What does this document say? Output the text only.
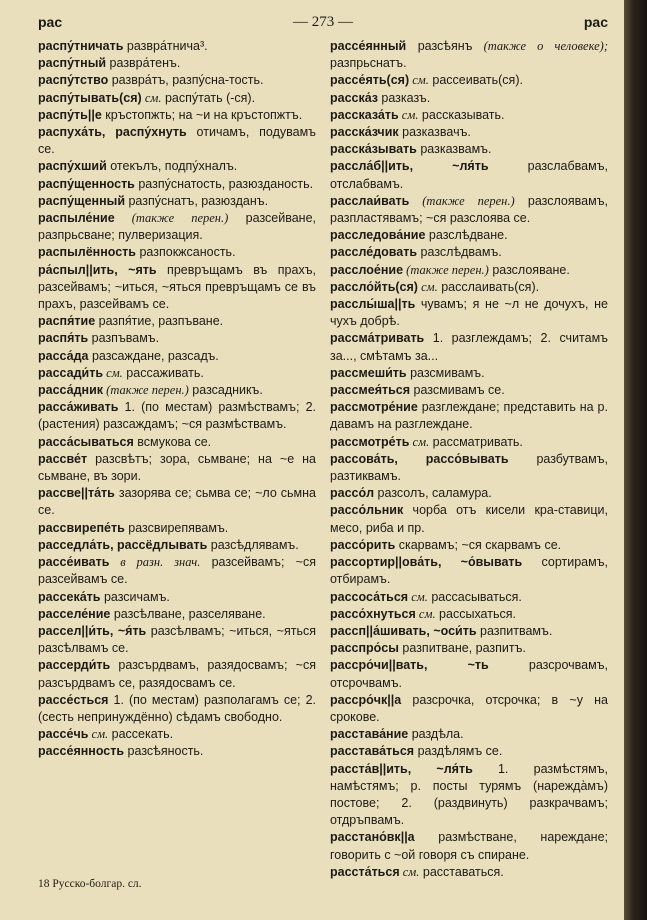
рас	— 273 —	рас
распу́тничать развра́тнича³.
распу́тный развра́тенъ.
распу́тство развра́тъ, разпу́сна-тость.
распу́тывать(ся) см. распу́тать (-ся).
распу́ть||е кръстопжть; на ~и на кръстопжтъ.
распуха́ть, распу́хнуть отичамъ, подувамъ се.
распу́хший отекълъ, подпу́хналъ.
распу́щенность разпу́снатость, разюзданость.
распу́щенный разпу́снатъ, разюзданъ.
распыле́ние (также перен.) разсейване, разпрьсване; пулверизация.
распылённость разпокжсаность.
ра́спыл||ить, ~ять превръщамъ въ прахъ, разсейвамъ; ~иться, ~яться превръщамъ се въ прахъ, разсейвамъ се.
распя́тие разпя́тие, разпъване.
распя́ть разпъвамъ.
расса́да разсаждане, разсадъ.
рассади́ть см. рассаживать.
расса́дник (также перен.) разсадникъ.
расса́живать 1. (по местам) размѣствамъ; 2. (растения) разсаждамъ; ~ся размѣствамъ.
расса́сываться всмукова се.
рассве́т разсвѣтъ; зора, сьмване; на ~е на сьмване, въ зори.
рассве||та́ть зазорява се; сьмва се; ~ло сьмна се.
рассвирепе́ть разсвирепявамъ.
расседла́ть, рассёдлывать разсѣдлявамъ.
рассе́ивать в разн. знач. разсейвамъ; ~ся разсейвамъ се.
рассека́ть разсичамъ.
расселе́ние разсѣлване, разселяване.
рассел||и́ть, ~я́ть разсѣлвамъ; ~иться, ~яться разсѣлвамъ се.
рассерди́ть разсърдвамъ, разядосвамъ; ~ся разсърдвамъ се, разядосвамъ се.
рассе́сться 1. (по местам) разполагамъ се; 2. (сесть непринуждённо) сѣдамъ свободно.
рассе́чь см. рассекать.
рассе́янность разсѣяность.
рассе́янный разсѣянъ (также о человеке); разпрьснатъ.
рассе́ять(ся) см. рассеивать(ся).
расска́з разказъ.
рассказа́ть см. рассказывать.
расска́зчик разказвачъ.
расска́зывать разказвамъ.
рассла́б||ить, ~ля́ть разслабвамъ, отслабвамъ.
расслаи́вать (также перен.) разслоявамъ, разпластявамъ; ~ся разслоява се.
расследова́ние разслѣдване.
рассле́довать разслѣдвамъ.
расслое́ние (также перен.) разслояване.
рассло́йть(ся) см. расслаивать(ся).
расслы́ша||ть чувамъ; я не ~л не дочухъ, не чухъ добрѣ.
рассма́тривать 1. разглеждамъ; 2. считамъ за..., смѣтамъ за...
рассмеши́ть разсмивамъ.
рассмея́ться разсмивамъ се.
рассмотре́ние разглеждане; представить на р. давамъ на разглеждане.
рассмотре́ть см. рассматривать.
рассова́ть, рассо́вывать разбутвамъ, разтиквамъ.
рассо́л разсолъ, саламура.
рассо́льник чорба отъ кисели кра-ставици, месо, риба и пр.
рассо́рить скарвамъ; ~ся скарвамъ се.
рассортир||ова́ть, ~о́вывать сортирамъ, отбирамъ.
рассоса́ться см. рассасываться.
рассо́хнуться см. рассыхаться.
рассп||а́шивать, ~оси́ть разпитвамъ.
расспро́сы разпитване, разпитъ.
рассро́чи||вать, ~ть разсрочвамъ, отсрочвамъ.
рассро́чк||а разсрочка, отсрочка; в ~у на срокове.
расстава́ние раздѣла.
расстава́ться раздѣлямъ се.
расста́в||ить, ~ля́ть 1. размѣстямъ, намѣстямъ; р. посты турямъ (нарежда̀мъ) постове; 2. (раздвинуть) разкрачвамъ; отдръпвамъ.
расстано́вк||а размѣстване, нареждане; говорить с ~ой говоря съ спиране.
расста́ться см. расставаться.
18 Русско-болгар. сл.
